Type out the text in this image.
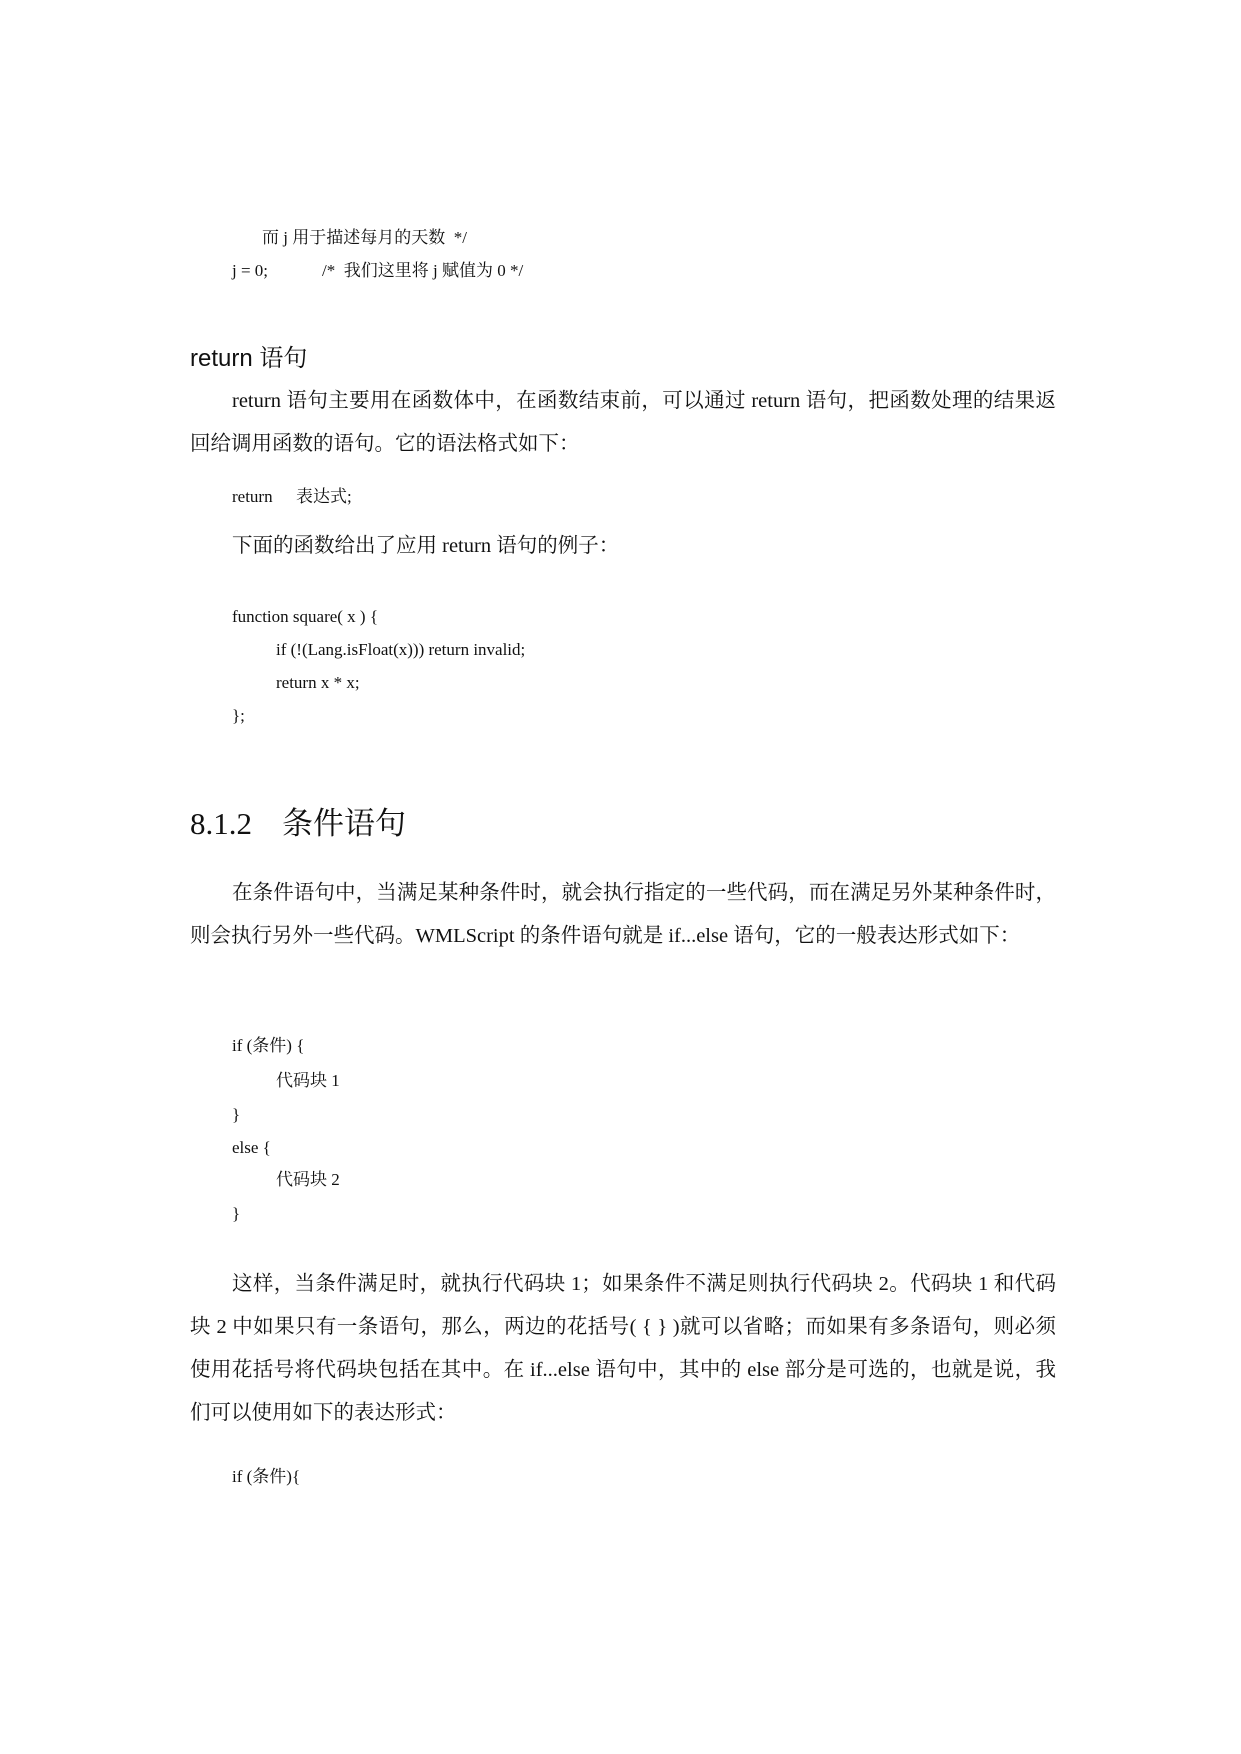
而 j 用于描述每月的天数  */
j = 0;	/*  我们这里将 j 赋值为 0 */
return 语句
return 语句主要用在函数体中，在函数结束前，可以通过 return 语句，把函数处理的结果返回给调用函数的语句。它的语法格式如下：
return 表达式;
下面的函数给出了应用 return 语句的例子：
function square( x ) {
if (!(Lang.isFloat(x))) return invalid;
return x * x;
};
8.1.2 条件语句
在条件语句中，当满足某种条件时，就会执行指定的一些代码，而在满足另外某种条件时，则会执行另外一些代码。WMLScript 的条件语句就是 if...else 语句，它的一般表达形式如下：
if (条件) {
代码块 1
}
else {
代码块 2
}
这样，当条件满足时，就执行代码块 1；如果条件不满足则执行代码块 2。代码块 1 和代码块 2 中如果只有一条语句，那么，两边的花括号( { } )就可以省略；而如果有多条语句，则必须使用花括号将代码块包括在其中。在 if...else 语句中，其中的 else 部分是可选的，也就是说，我们可以使用如下的表达形式：
if (条件){
